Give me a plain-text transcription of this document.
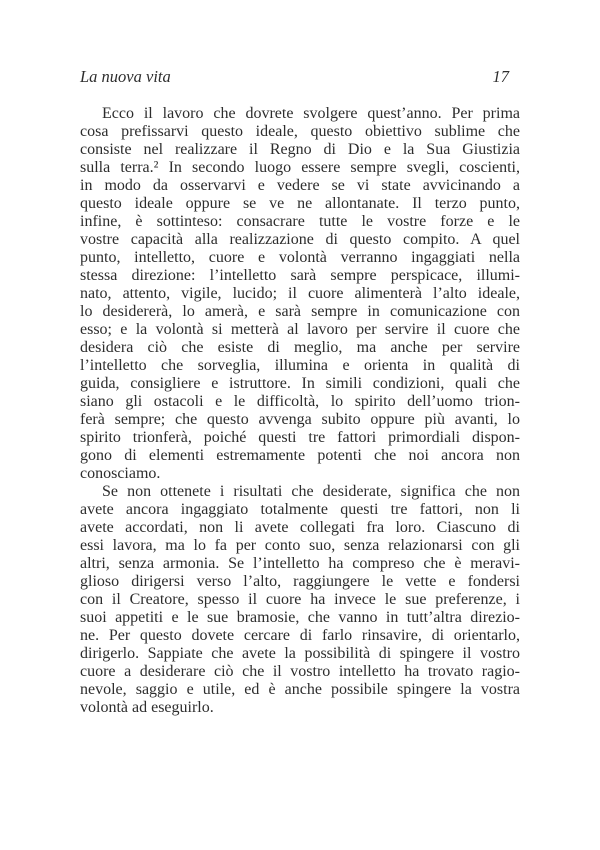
La nuova vita	17
Ecco il lavoro che dovrete svolgere quest’anno. Per prima
cosa prefissarvi questo ideale, questo obiettivo sublime che
consiste nel realizzare il Regno di Dio e la Sua Giustizia
sulla terra.² In secondo luogo essere sempre svegli, coscienti,
in modo da osservarvi e vedere se vi state avvicinando a
questo ideale oppure se ve ne allontanate. Il terzo punto,
infine, è sottinteso: consacrare tutte le vostre forze e le
vostre capacità alla realizzazione di questo compito. A quel
punto, intelletto, cuore e volontà verranno ingaggiati nella
stessa direzione: l’intelletto sarà sempre perspicace, illumi-
nato, attento, vigile, lucido; il cuore alimenterà l’alto ideale,
lo desidererà, lo amerà, e sarà sempre in comunicazione con
esso; e la volontà si metterà al lavoro per servire il cuore che
desidera ciò che esiste di meglio, ma anche per servire
l’intelletto che sorveglia, illumina e orienta in qualità di
guida, consigliere e istruttore. In simili condizioni, quali che
siano gli ostacoli e le difficoltà, lo spirito dell’uomo trion-
ferà sempre; che questo avvenga subito oppure più avanti, lo
spirito trionferà, poiché questi tre fattori primordiali dispon-
gono di elementi estremamente potenti che noi ancora non
conosciamo.
Se non ottenete i risultati che desiderate, significa che non
avete ancora ingaggiato totalmente questi tre fattori, non li
avete accordati, non li avete collegati fra loro. Ciascuno di
essi lavora, ma lo fa per conto suo, senza relazionarsi con gli
altri, senza armonia. Se l’intelletto ha compreso che è meravi-
glioso dirigersi verso l’alto, raggiungere le vette e fondersi
con il Creatore, spesso il cuore ha invece le sue preferenze, i
suoi appetiti e le sue bramosie, che vanno in tutt’altra direzio-
ne. Per questo dovete cercare di farlo rinsavire, di orientarlo,
dirigerlo. Sappiate che avete la possibilità di spingere il vostro
cuore a desiderare ciò che il vostro intelletto ha trovato ragio-
nevole, saggio e utile, ed è anche possibile spingere la vostra
volontà ad eseguirlo.
